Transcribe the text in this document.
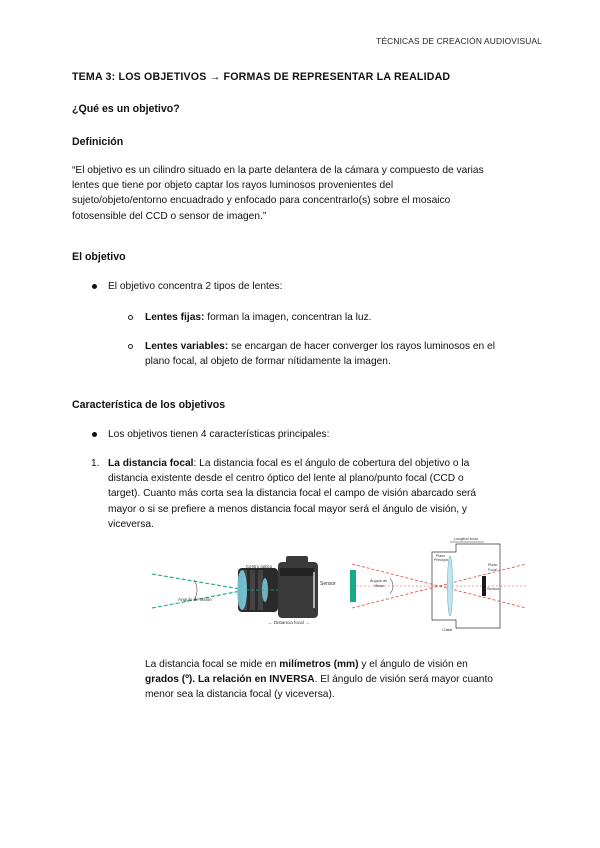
TÉCNICAS DE CREACIÓN AUDIOVISUAL
TEMA 3: LOS OBJETIVOS → FORMAS DE REPRESENTAR LA REALIDAD
¿Qué es un objetivo?
Definición
“El objetivo es un cilindro situado en la parte delantera de la cámara y compuesto de varias
lentes que tiene por objeto captar los rayos luminosos provenientes del
sujeto/objeto/entorno encuadrado y enfocado para concentrarlo(s) sobre el mosaico
fotosensible del CCD o sensor de imagen.”
El objetivo
El objetivo concentra 2 tipos de lentes:
Lentes fijas: forman la imagen, concentran la luz.
Lentes variables: se encargan de hacer converger los rayos luminosos en el
plano focal, al objeto de formar nítidamente la imagen.
Característica de los objetivos
Los objetivos tienen 4 características principales:
1. La distancia focal: La distancia focal es el ángulo de cobertura del objetivo o la
distancia existente desde el centro óptico del lente al plano/punto focal (CCD o
target). Cuanto más corta sea la distancia focal el campo de visión abarcado será
mayor o si se prefiere a menos distancia focal mayor será el ángulo de visión, y
viceversa.
Ángulo de visión
Sensor
Centro óptico
de la lente
← Distancia focal →
Ángulo de
Visión
Longitud focal
Plano
Principal
Punto
Focal
Sensor
Cristal
La distancia focal se mide en milímetros (mm) y el ángulo de visión en
grados (º). La relación en INVERSA. El ángulo de visión será mayor cuanto
menor sea la distancia focal (y viceversa).
